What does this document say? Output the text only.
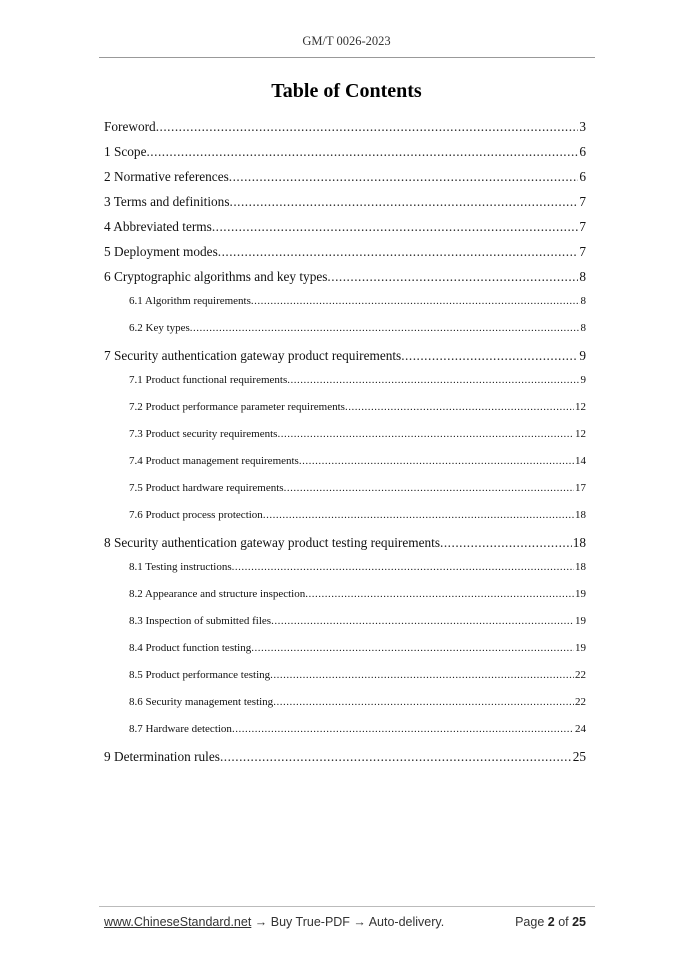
GM/T 0026-2023
Table of Contents
Foreword .....	3
1 Scope .....	6
2 Normative references .....	6
3 Terms and definitions .....	7
4 Abbreviated terms .....	7
5 Deployment modes .....	7
6 Cryptographic algorithms and key types .....	8
6.1 Algorithm requirements .....	8
6.2 Key types .....	8
7 Security authentication gateway product requirements .....	9
7.1 Product functional requirements .....	9
7.2 Product performance parameter requirements .....	12
7.3 Product security requirements .....	12
7.4 Product management requirements .....	14
7.5 Product hardware requirements .....	17
7.6 Product process protection .....	18
8 Security authentication gateway product testing requirements .....	18
8.1 Testing instructions .....	18
8.2 Appearance and structure inspection .....	19
8.3 Inspection of submitted files .....	19
8.4 Product function testing .....	19
8.5 Product performance testing .....	22
8.6 Security management testing .....	22
8.7 Hardware detection .....	24
9 Determination rules .....	25
www.ChineseStandard.net → Buy True-PDF → Auto-delivery.	Page 2 of 25
